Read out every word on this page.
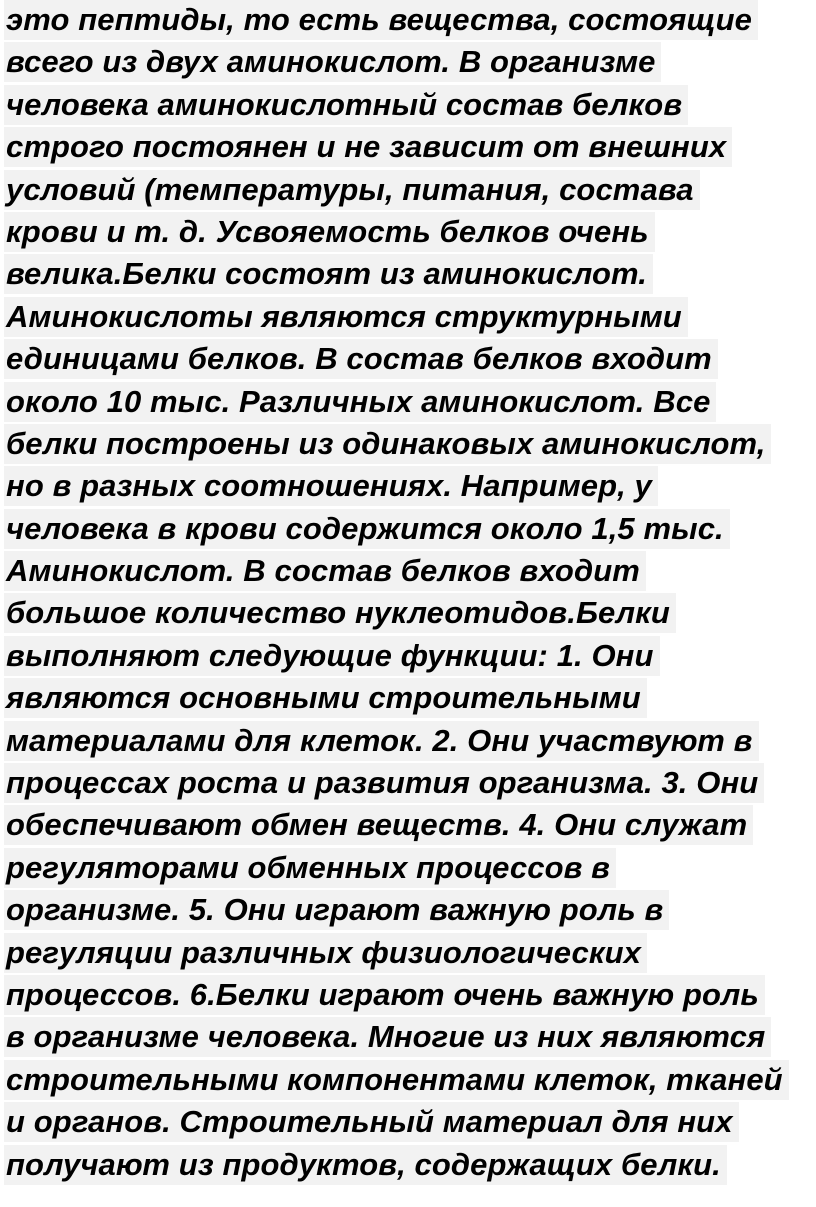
это пептиды, то есть вещества, состоящие
всего из двух аминокислот. В организме
человека аминокислотный состав белков
строго постоянен и не зависит от внешних
условий (температуры, питания, состава
крови и т. д. Усвояемость белков очень
велика.Белки состоят из аминокислот.
Аминокислоты являются структурными
единицами белков. В состав белков входит
около 10 тыс. Различных аминокислот. Все
белки построены из одинаковых аминокислот,
но в разных соотношениях. Например, у
человека в крови содержится около 1,5 тыс.
Аминокислот. В состав белков входит
большое количество нуклеотидов.Белки
выполняют следующие функции: 1. Они
являются основными строительными
материалами для клеток. 2. Они участвуют в
процессах роста и развития организма. 3. Они
обеспечивают обмен веществ. 4. Они служат
регуляторами обменных процессов в
организме. 5. Они играют важную роль в
регуляции различных физиологических
процессов. 6.Белки играют очень важную роль
в организме человека. Многие из них являются
строительными компонентами клеток, тканей
и органов. Строительный материал для них
получают из продуктов, содержащих белки.
